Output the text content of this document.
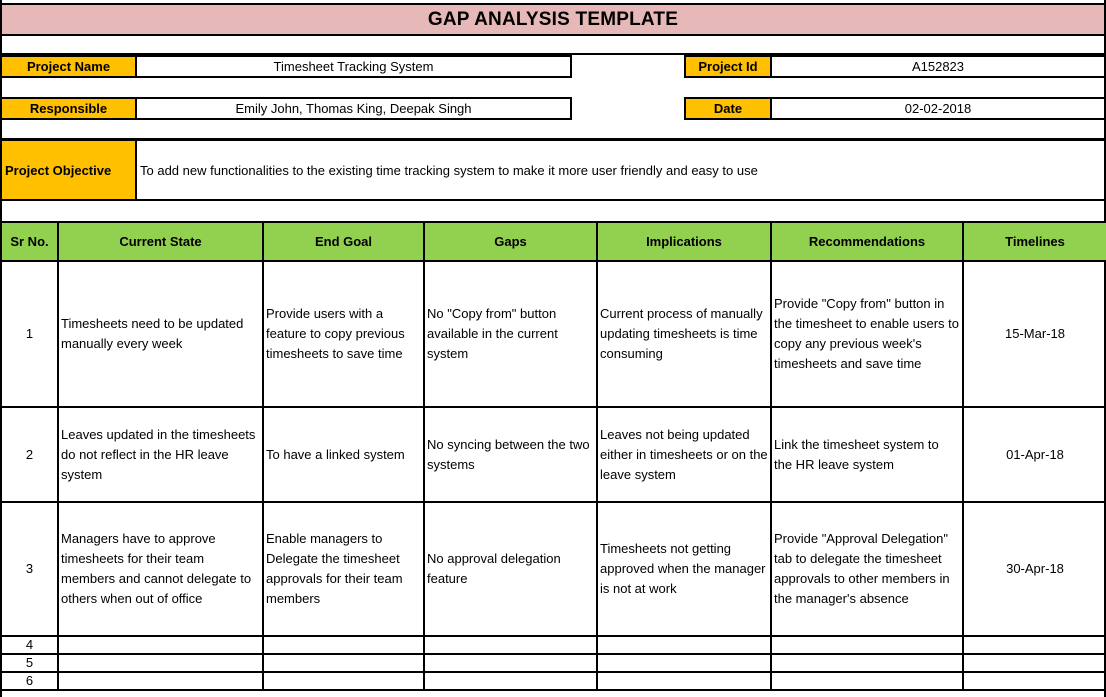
GAP ANALYSIS TEMPLATE
Project Name	Timesheet Tracking System	Project Id	A152823
Responsible	Emily John, Thomas King, Deepak Singh	Date	02-02-2018
Project Objective To add new functionalities to the existing time tracking system to make it more user friendly and easy to use
Sr No.	Current State	End Goal	Gaps	Implications	Recommendations	Timelines
1	Timesheets need to be updated manually every week	Provide users with a feature to copy previous timesheets to save time	No "Copy from" button available in the current system	Current process of manually updating timesheets is time consuming	Provide "Copy from" button in the timesheet to enable users to copy any previous week's timesheets and save time	15-Mar-18
2	Leaves updated in the timesheets do not reflect in the HR leave system	To have a linked system	No syncing between the two systems	Leaves not being updated either in timesheets or on the leave system	Link the timesheet system to the HR leave system	01-Apr-18
3	Managers have to approve timesheets for their team members and cannot delegate to others when out of office	Enable managers to Delegate the timesheet approvals for their team members	No approval delegation feature	Timesheets not getting approved when the manager is not at work	Provide "Approval Delegation" tab to delegate the timesheet approvals to other members in the manager's absence	30-Apr-18
4						
5						
6						
